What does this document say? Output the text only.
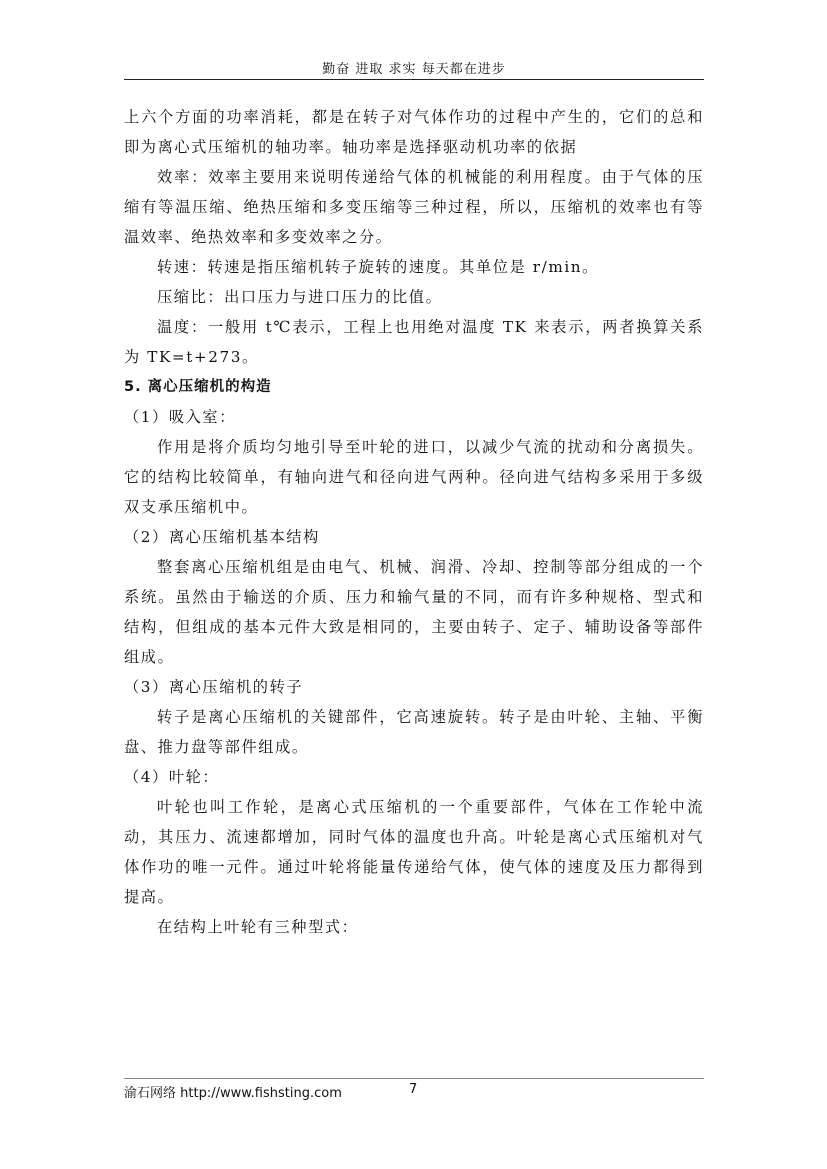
勤奋 进取 求实 每天都在进步

上六个方面的功率消耗，都是在转子对气体作功的过程中产生的，它们的总和即为离心式压缩机的轴功率。轴功率是选择驱动机功率的依据

效率：效率主要用来说明传递给气体的机械能的利用程度。由于气体的压缩有等温压缩、绝热压缩和多变压缩等三种过程，所以，压缩机的效率也有等温效率、绝热效率和多变效率之分。

转速：转速是指压缩机转子旋转的速度。其单位是 r/min。

压缩比：出口压力与进口压力的比值。

温度：一般用 t℃表示，工程上也用绝对温度 TK 来表示，两者换算关系为 TK=t+273。

5. 离心压缩机的构造

（1）吸入室：

作用是将介质均匀地引导至叶轮的进口，以减少气流的扰动和分离损失。它的结构比较简单，有轴向进气和径向进气两种。径向进气结构多采用于多级双支承压缩机中。

（2）离心压缩机基本结构

整套离心压缩机组是由电气、机械、润滑、冷却、控制等部分组成的一个系统。虽然由于输送的介质、压力和输气量的不同，而有许多种规格、型式和结构，但组成的基本元件大致是相同的，主要由转子、定子、辅助设备等部件组成。

（3）离心压缩机的转子

转子是离心压缩机的关键部件，它高速旋转。转子是由叶轮、主轴、平衡盘、推力盘等部件组成。

（4）叶轮：

叶轮也叫工作轮，是离心式压缩机的一个重要部件，气体在工作轮中流动，其压力、流速都增加，同时气体的温度也升高。叶轮是离心式压缩机对气体作功的唯一元件。通过叶轮将能量传递给气体，使气体的速度及压力都得到提高。

在结构上叶轮有三种型式：

渝石网络 http://www.fishsting.com	7
